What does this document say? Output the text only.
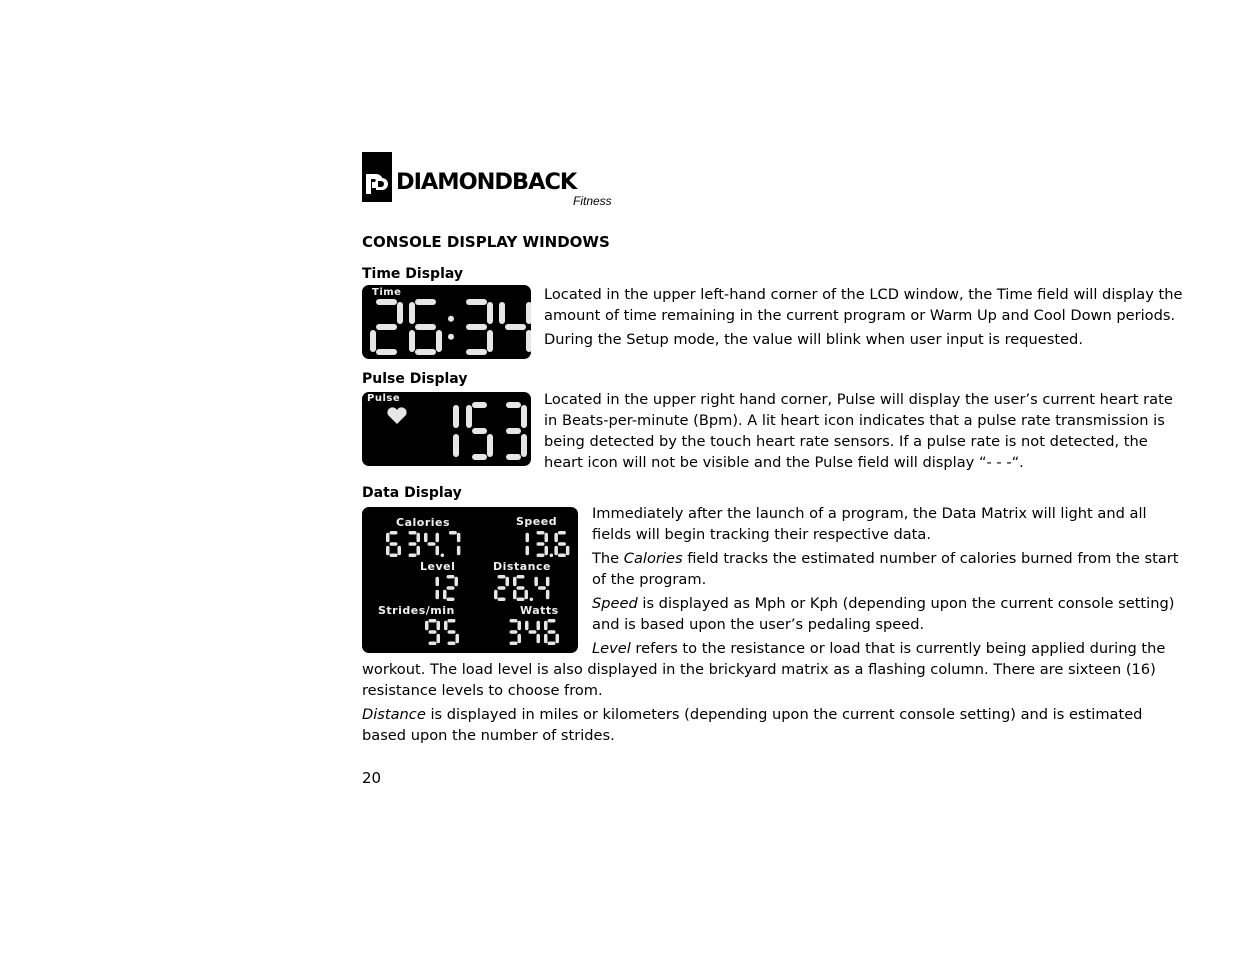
DIAMONDBACK
Fitness
CONSOLE DISPLAY WINDOWS
Time Display
Time	Located in the upper left-hand corner of the LCD window, the Time field will display the amount of time remaining in the current program or Warm Up and Cool Down periods.

During the Setup mode, the value will blink when user input is requested.

Pulse Display
Pulse	Located in the upper right hand corner, Pulse will display the user’s current heart rate in Beats-per-minute (Bpm). A lit heart icon indicates that a pulse rate transmission is being detected by the touch heart rate sensors. If a pulse rate is not detected, the heart icon will not be visible and the Pulse field will display “- - -“.

Data Display
Calories	Speed
Level	Distance
Strides/min	Watts

Immediately after the launch of a program, the Data Matrix will light and all fields will begin tracking their respective data.

The Calories field tracks the estimated number of calories burned from the start of the program.

Speed is displayed as Mph or Kph (depending upon the current console setting) and is based upon the user’s pedaling speed.

Level refers to the resistance or load that is currently being applied during the

workout. The load level is also displayed in the brickyard matrix as a flashing column. There are sixteen (16) resistance levels to choose from.

Distance is displayed in miles or kilometers (depending upon the current console setting) and is estimated based upon the number of strides.

20
